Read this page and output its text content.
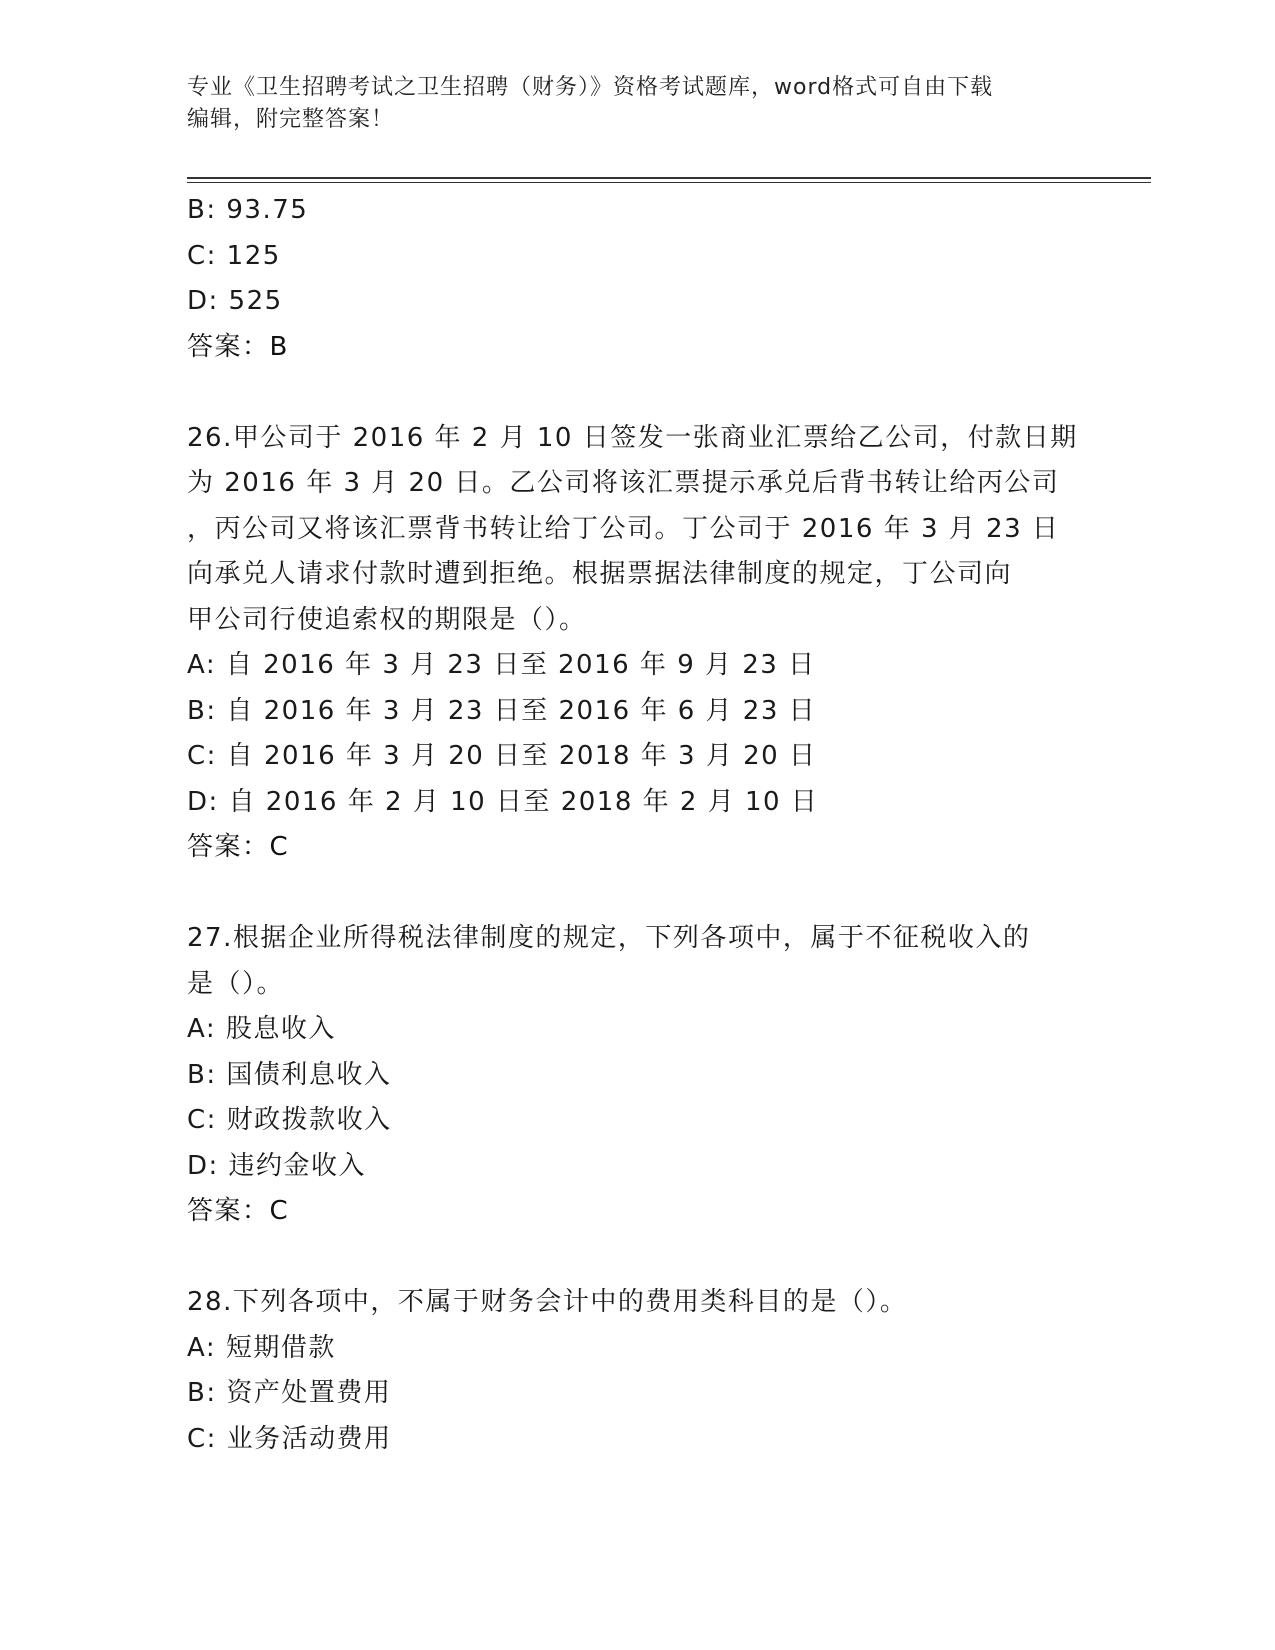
专业《卫生招聘考试之卫生招聘（财务）》资格考试题库，word格式可自由下载
编辑，附完整答案！
B: 93.75
C: 125
D: 525
答案：B
26.甲公司于 2016 年 2 月 10 日签发一张商业汇票给乙公司，付款日期
为 2016 年 3 月 20 日。乙公司将该汇票提示承兑后背书转让给丙公司
，丙公司又将该汇票背书转让给丁公司。丁公司于 2016 年 3 月 23 日
向承兑人请求付款时遭到拒绝。根据票据法律制度的规定，丁公司向
甲公司行使追索权的期限是（）。
A: 自 2016 年 3 月 23 日至 2016 年 9 月 23 日
B: 自 2016 年 3 月 23 日至 2016 年 6 月 23 日
C: 自 2016 年 3 月 20 日至 2018 年 3 月 20 日
D: 自 2016 年 2 月 10 日至 2018 年 2 月 10 日
答案：C
27.根据企业所得税法律制度的规定，下列各项中，属于不征税收入的
是（）。
A: 股息收入
B: 国债利息收入
C: 财政拨款收入
D: 违约金收入
答案：C
28.下列各项中，不属于财务会计中的费用类科目的是（）。
A: 短期借款
B: 资产处置费用
C: 业务活动费用
